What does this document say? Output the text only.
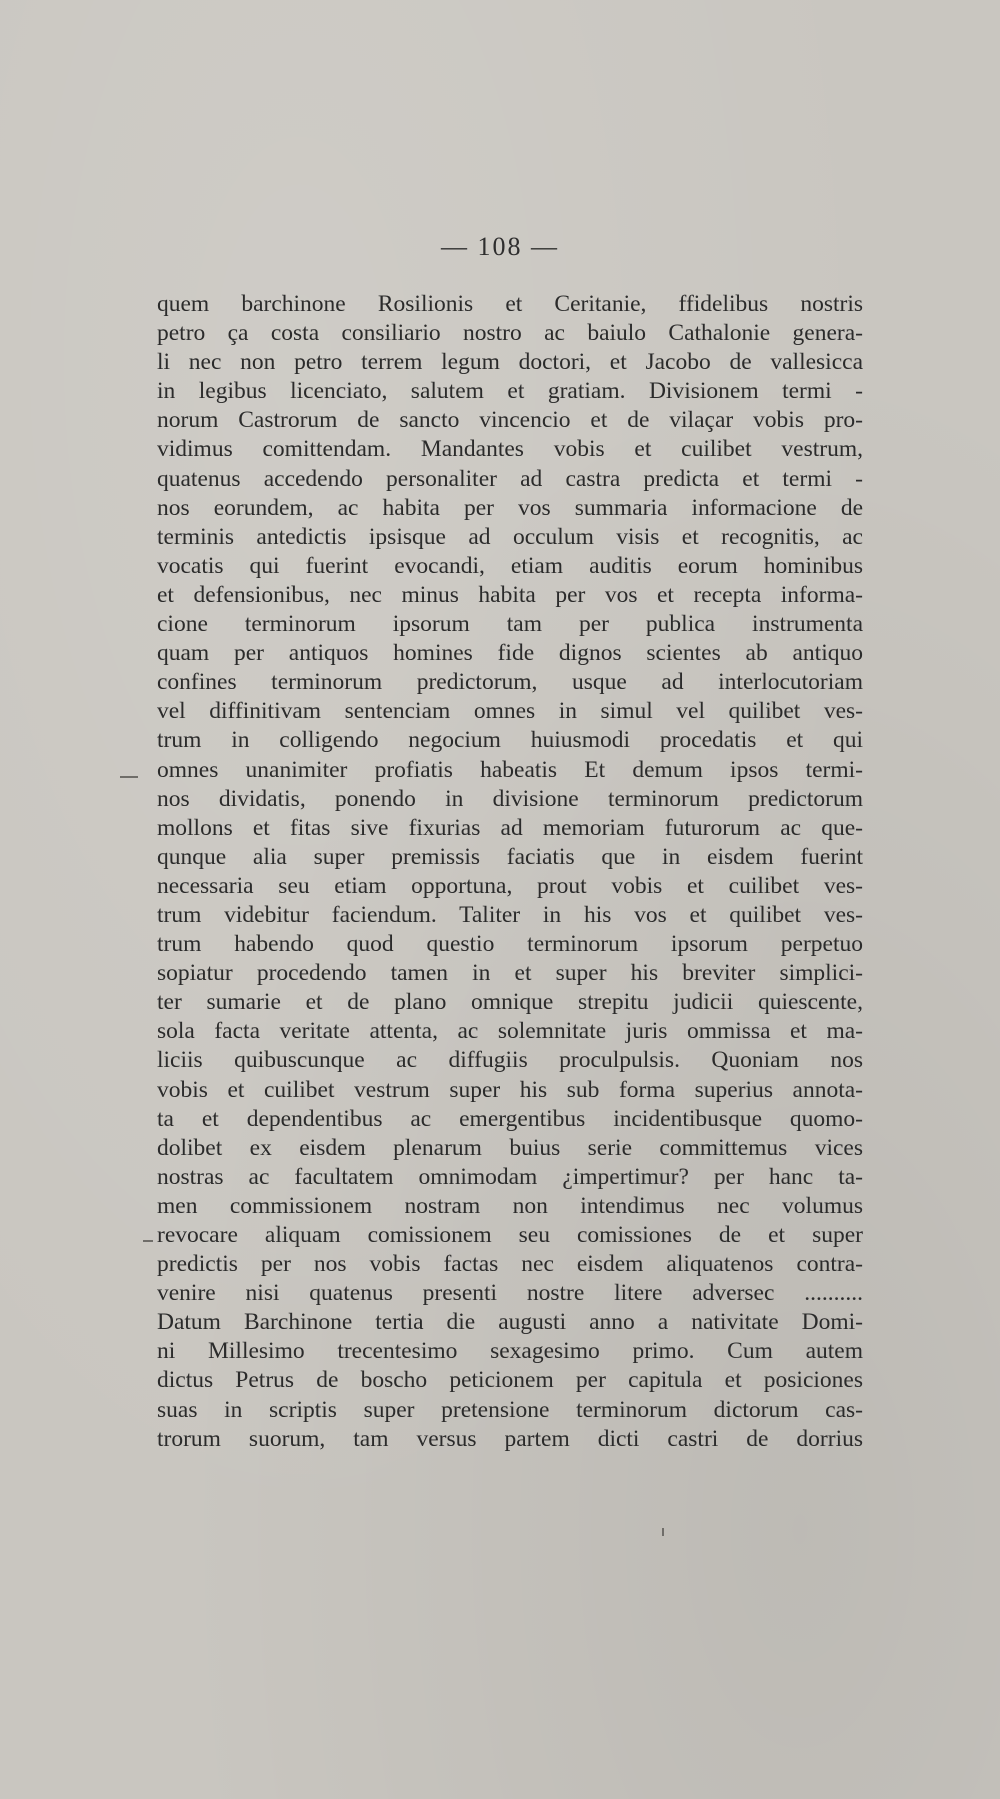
— 108 —
quem barchinone Rosilionis et Ceritanie, ffidelibus nostris
petro ça costa consiliario nostro ac baiulo Cathalonie genera-
li nec non petro terrem legum doctori, et Jacobo de vallesicca
in legibus licenciato, salutem et gratiam. Divisionem termi -
norum Castrorum de sancto vincencio et de vilaçar vobis pro-
vidimus comittendam. Mandantes vobis et cuilibet vestrum,
quatenus accedendo personaliter ad castra predicta et termi -
nos eorundem, ac habita per vos summaria informacione de
terminis antedictis ipsisque ad occulum visis et recognitis, ac
vocatis qui fuerint evocandi, etiam auditis eorum hominibus
et defensionibus, nec minus habita per vos et recepta informa-
cione terminorum ipsorum tam per publica instrumenta
quam per antiquos homines fide dignos scientes ab antiquo
confines terminorum predictorum, usque ad interlocutoriam
vel diffinitivam sentenciam omnes in simul vel quilibet ves-
trum in colligendo negocium huiusmodi procedatis et qui
omnes unanimiter profiatis habeatis Et demum ipsos termi-
nos dividatis, ponendo in divisione terminorum predictorum
mollons et fitas sive fixurias ad memoriam futurorum ac que-
qunque alia super premissis faciatis que in eisdem fuerint
necessaria seu etiam opportuna, prout vobis et cuilibet ves-
trum videbitur faciendum. Taliter in his vos et quilibet ves-
trum habendo quod questio terminorum ipsorum perpetuo
sopiatur procedendo tamen in et super his breviter simplici-
ter sumarie et de plano omnique strepitu judicii quiescente,
sola facta veritate attenta, ac solemnitate juris ommissa et ma-
liciis quibuscunque ac diffugiis proculpulsis. Quoniam nos
vobis et cuilibet vestrum super his sub forma superius annota-
ta et dependentibus ac emergentibus incidentibusque quomo-
dolibet ex eisdem plenarum buius serie committemus vices
nostras ac facultatem omnimodam ¿impertimur? per hanc ta-
men commissionem nostram non intendimus nec volumus
revocare aliquam comissionem seu comissiones de et super
predictis per nos vobis factas nec eisdem aliquatenos contra-
venire nisi quatenus presenti nostre litere adversec ..........
Datum Barchinone tertia die augusti anno a nativitate Domi-
ni Millesimo trecentesimo sexagesimo primo. Cum autem
dictus Petrus de boscho peticionem per capitula et posiciones
suas in scriptis super pretensione terminorum dictorum cas-
trorum suorum, tam versus partem dicti castri de dorrius
